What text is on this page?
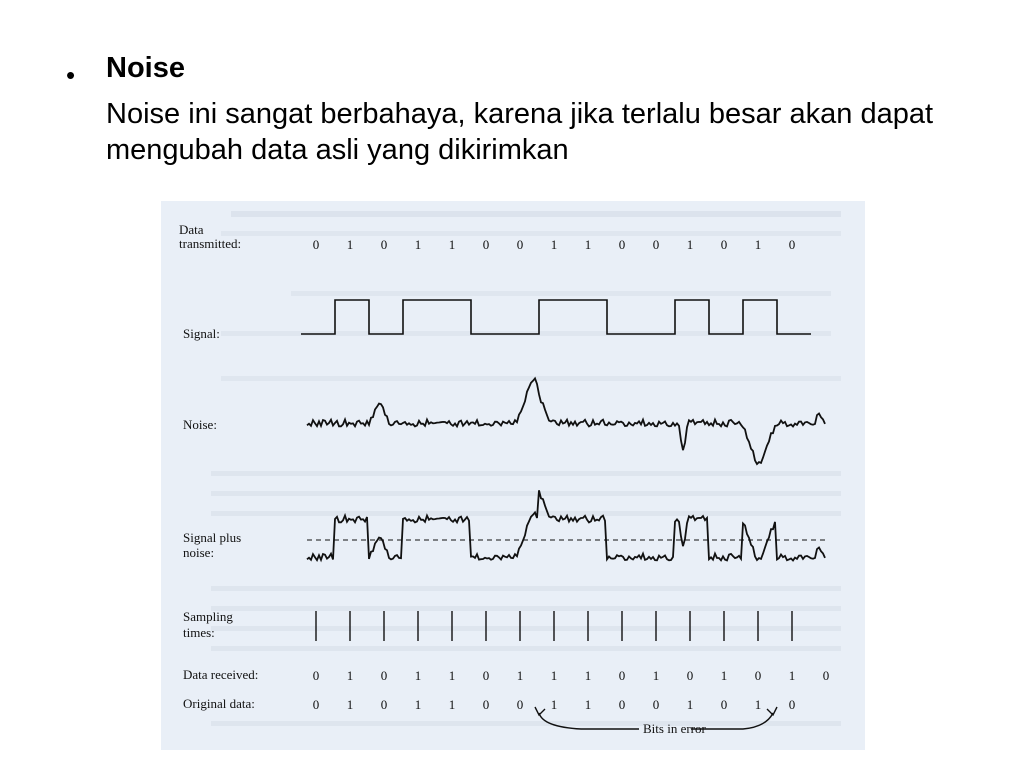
• Noise

Noise ini sangat berbahaya, karena jika terlalu besar akan dapat mengubah data asli yang dikirimkan

Data
transmitted:
Signal:
Noise:
Signal plus
noise:
Sampling
times:
Data received:
Original data:
0 1 0 1 1 0 0 1 1 0 0 1 0 1 0
0 1 0 1 1 0 1 1 1 0 1 0 1 0 1 0
0 1 0 1 1 0 0 1 1 0 0 1 0 1 0
Bits in error
